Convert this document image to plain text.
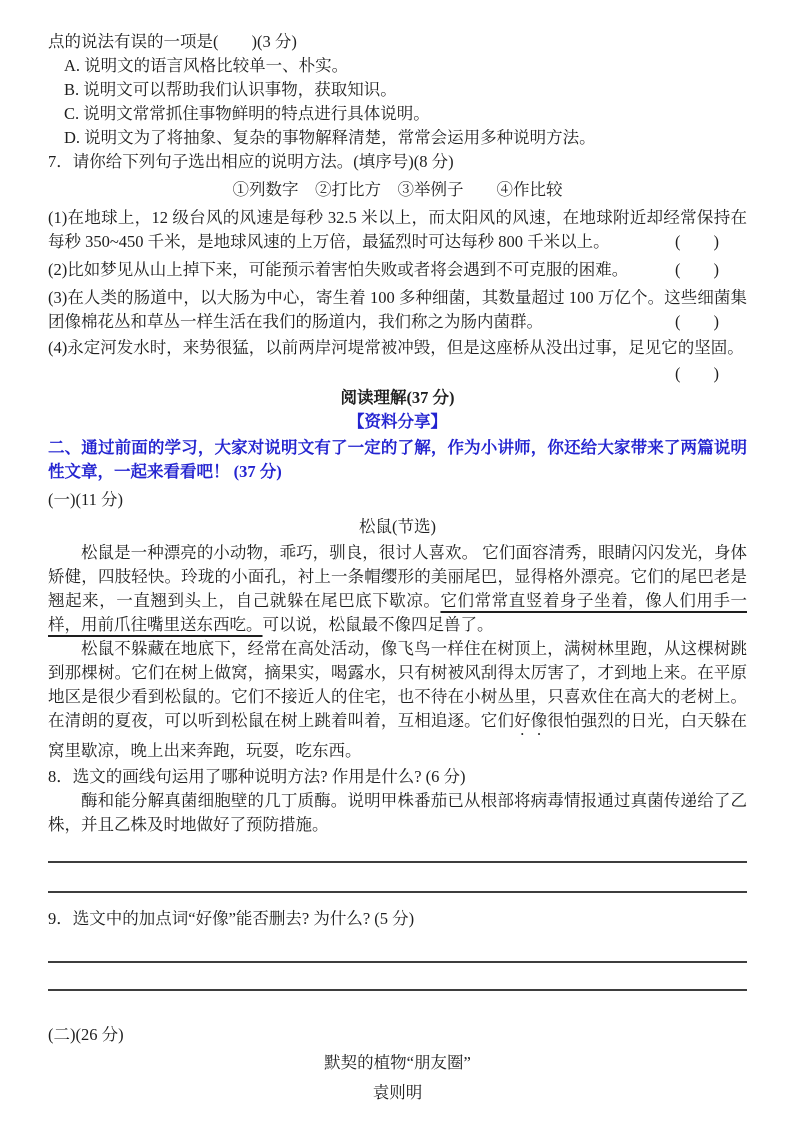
点的说法有误的一项是(　　)(3 分)

A. 说明文的语言风格比较单一、朴实。

B. 说明文可以帮助我们认识事物，获取知识。

C. 说明文常常抓住事物鲜明的特点进行具体说明。

D. 说明文为了将抽象、复杂的事物解释清楚，常常会运用多种说明方法。

7．请你给下列句子选出相应的说明方法。(填序号)(8 分)

①列数字　②打比方　③举例子　　④作比较

(1)在地球上，12 级台风的风速是每秒 32.5 米以上，而太阳风的风速，在地球附近却经常保持在每秒 350~450 千米，是地球风速的上万倍，最猛烈时可达每秒 800 千米以上。	(　　)

(2)比如梦见从山上掉下来，可能预示着害怕失败或者将会遇到不可克服的困难。	(　　)

(3)在人类的肠道中，以大肠为中心，寄生着 100 多种细菌，其数量超过 100 万亿个。这些细菌集团像棉花丛和草丛一样生活在我们的肠道内，我们称之为肠内菌群。	(　　)

(4)永定河发水时，来势很猛，以前两岸河堤常被冲毁，但是这座桥从没出过事，足见它的坚固。

(　　)

阅读理解(37 分)

【资料分享】

二、通过前面的学习，大家对说明文有了一定的了解，作为小讲师，你还给大家带来了两篇说明性文章，一起来看看吧！ (37 分)

(一)(11 分)

松鼠(节选)

松鼠是一种漂亮的小动物，乖巧，驯良，很讨人喜欢。 它们面容清秀，眼睛闪闪发光，身体矫健，四肢轻快。玲珑的小面孔，衬上一条帽缨形的美丽尾巴，显得格外漂亮。它们的尾巴老是翘起来，一直翘到头上，自己就躲在尾巴底下歇凉。它们常常直竖着身子坐着，像人们用手一样，用前爪往嘴里送东西吃。可以说，松鼠最不像四足兽了。

松鼠不躲藏在地底下，经常在高处活动，像飞鸟一样住在树顶上，满树林里跑，从这棵树跳到那棵树。它们在树上做窝，摘果实，喝露水，只有树被风刮得太厉害了，才到地上来。在平原地区是很少看到松鼠的。它们不接近人的住宅，也不待在小树丛里，只喜欢住在高大的老树上。在清朗的夏夜，可以听到松鼠在树上跳着叫着，互相追逐。它们好像很怕强烈的日光，白天躲在窝里歇凉，晚上出来奔跑，玩耍，吃东西。

8．选文的画线句运用了哪种说明方法? 作用是什么? (6 分)

酶和能分解真菌细胞壁的几丁质酶。说明甲株番茄已从根部将病毒情报通过真菌传递给了乙株，并且乙株及时地做好了预防措施。

9．选文中的加点词“好像”能否删去? 为什么? (5 分)

(二)(26 分)

默契的植物“朋友圈”

袁则明
